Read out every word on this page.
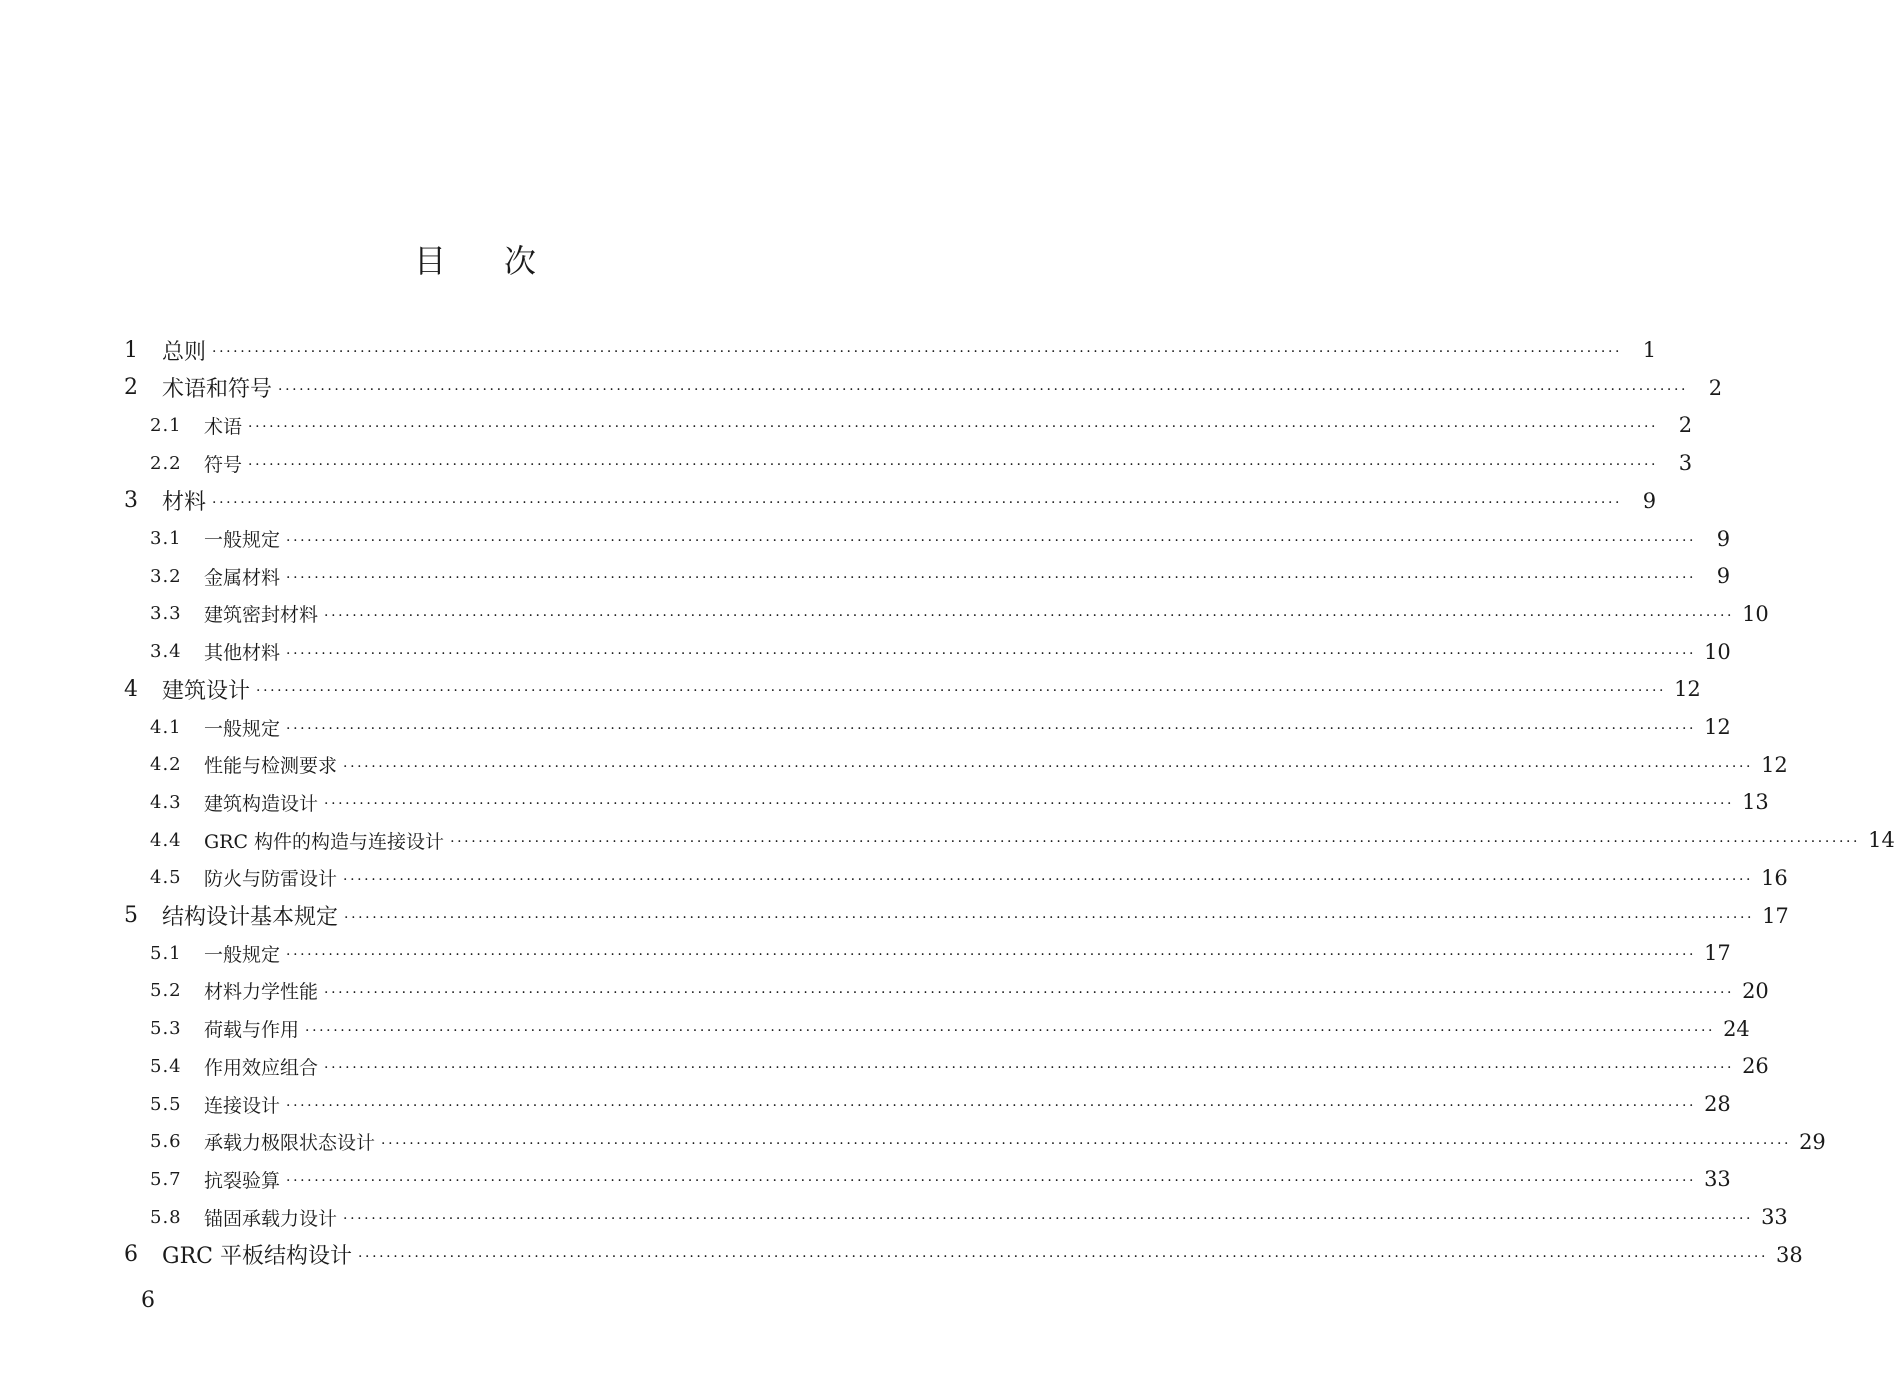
目 次
1	总则 ········································································································································································································ 1
2	术语和符号 ········································································································································································································ 2
2.1	术语 ········································································································································································································ 2
2.2	符号 ········································································································································································································ 3
3	材料 ········································································································································································································ 9
3.1	一般规定 ········································································································································································································ 9
3.2	金属材料 ········································································································································································································ 9
3.3	建筑密封材料 ········································································································································································································ 10
3.4	其他材料 ········································································································································································································ 10
4	建筑设计 ········································································································································································································ 12
4.1	一般规定 ········································································································································································································ 12
4.2	性能与检测要求 ········································································································································································································ 12
4.3	建筑构造设计 ········································································································································································································ 13
4.4	GRC 构件的构造与连接设计 ········································································································································································································ 14
4.5	防火与防雷设计 ········································································································································································································ 16
5	结构设计基本规定 ········································································································································································································ 17
5.1	一般规定 ········································································································································································································ 17
5.2	材料力学性能 ········································································································································································································ 20
5.3	荷载与作用 ········································································································································································································ 24
5.4	作用效应组合 ········································································································································································································ 26
5.5	连接设计 ········································································································································································································ 28
5.6	承载力极限状态设计 ········································································································································································································ 29
5.7	抗裂验算 ········································································································································································································ 33
5.8	锚固承载力设计 ········································································································································································································ 33
6	GRC 平板结构设计 ········································································································································································································ 38
6
